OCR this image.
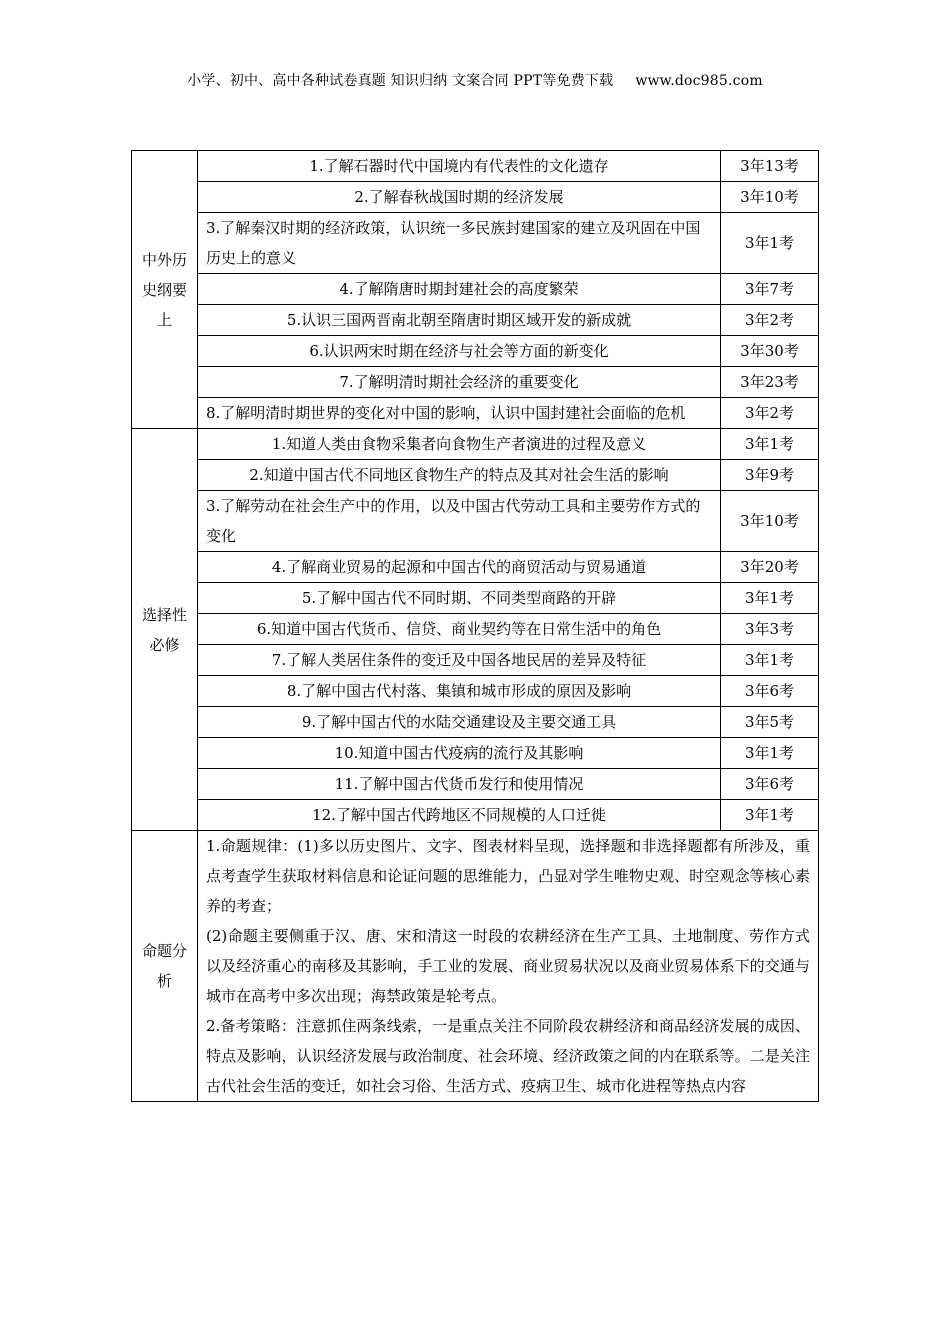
小学、初中、高中各种试卷真题 知识归纳 文案合同 PPT等免费下载 www.doc985.com
中外历史纲要上	1.了解石器时代中国境内有代表性的文化遗存	3年13考
	2.了解春秋战国时期的经济发展	3年10考
	3.了解秦汉时期的经济政策，认识统一多民族封建国家的建立及巩固在中国历史上的意义	3年1考
	4.了解隋唐时期封建社会的高度繁荣	3年7考
	5.认识三国两晋南北朝至隋唐时期区域开发的新成就	3年2考
	6.认识两宋时期在经济与社会等方面的新变化	3年30考
	7.了解明清时期社会经济的重要变化	3年23考
	8.了解明清时期世界的变化对中国的影响，认识中国封建社会面临的危机	3年2考

选择性必修	1.知道人类由食物采集者向食物生产者演进的过程及意义	3年1考
	2.知道中国古代不同地区食物生产的特点及其对社会生活的影响	3年9考
	3.了解劳动在社会生产中的作用，以及中国古代劳动工具和主要劳作方式的变化	3年10考
	4.了解商业贸易的起源和中国古代的商贸活动与贸易通道	3年20考
	5.了解中国古代不同时期、不同类型商路的开辟	3年1考
	6.知道中国古代货币、信贷、商业契约等在日常生活中的角色	3年3考
	7.了解人类居住条件的变迁及中国各地民居的差异及特征	3年1考
	8.了解中国古代村落、集镇和城市形成的原因及影响	3年6考
	9.了解中国古代的水陆交通建设及主要交通工具	3年5考
	10.知道中国古代疫病的流行及其影响	3年1考
	11.了解中国古代货币发行和使用情况	3年6考
	12.了解中国古代跨地区不同规模的人口迁徙	3年1考

命题分析	1.命题规律：(1)多以历史图片、文字、图表材料呈现，选择题和非选择题都有所涉及，重点考查学生获取材料信息和论证问题的思维能力，凸显对学生唯物史观、时空观念等核心素养的考查；

(2)命题主要侧重于汉、唐、宋和清这一时段的农耕经济在生产工具、土地制度、劳作方式以及经济重心的南移及其影响，手工业的发展、商业贸易状况以及商业贸易体系下的交通与城市在高考中多次出现；海禁政策是轮考点。

2.备考策略：注意抓住两条线索，一是重点关注不同阶段农耕经济和商品经济发展的成因、特点及影响，认识经济发展与政治制度、社会环境、经济政策之间的内在联系等。二是关注古代社会生活的变迁，如社会习俗、生活方式、疫病卫生、城市化进程等热点内容	
